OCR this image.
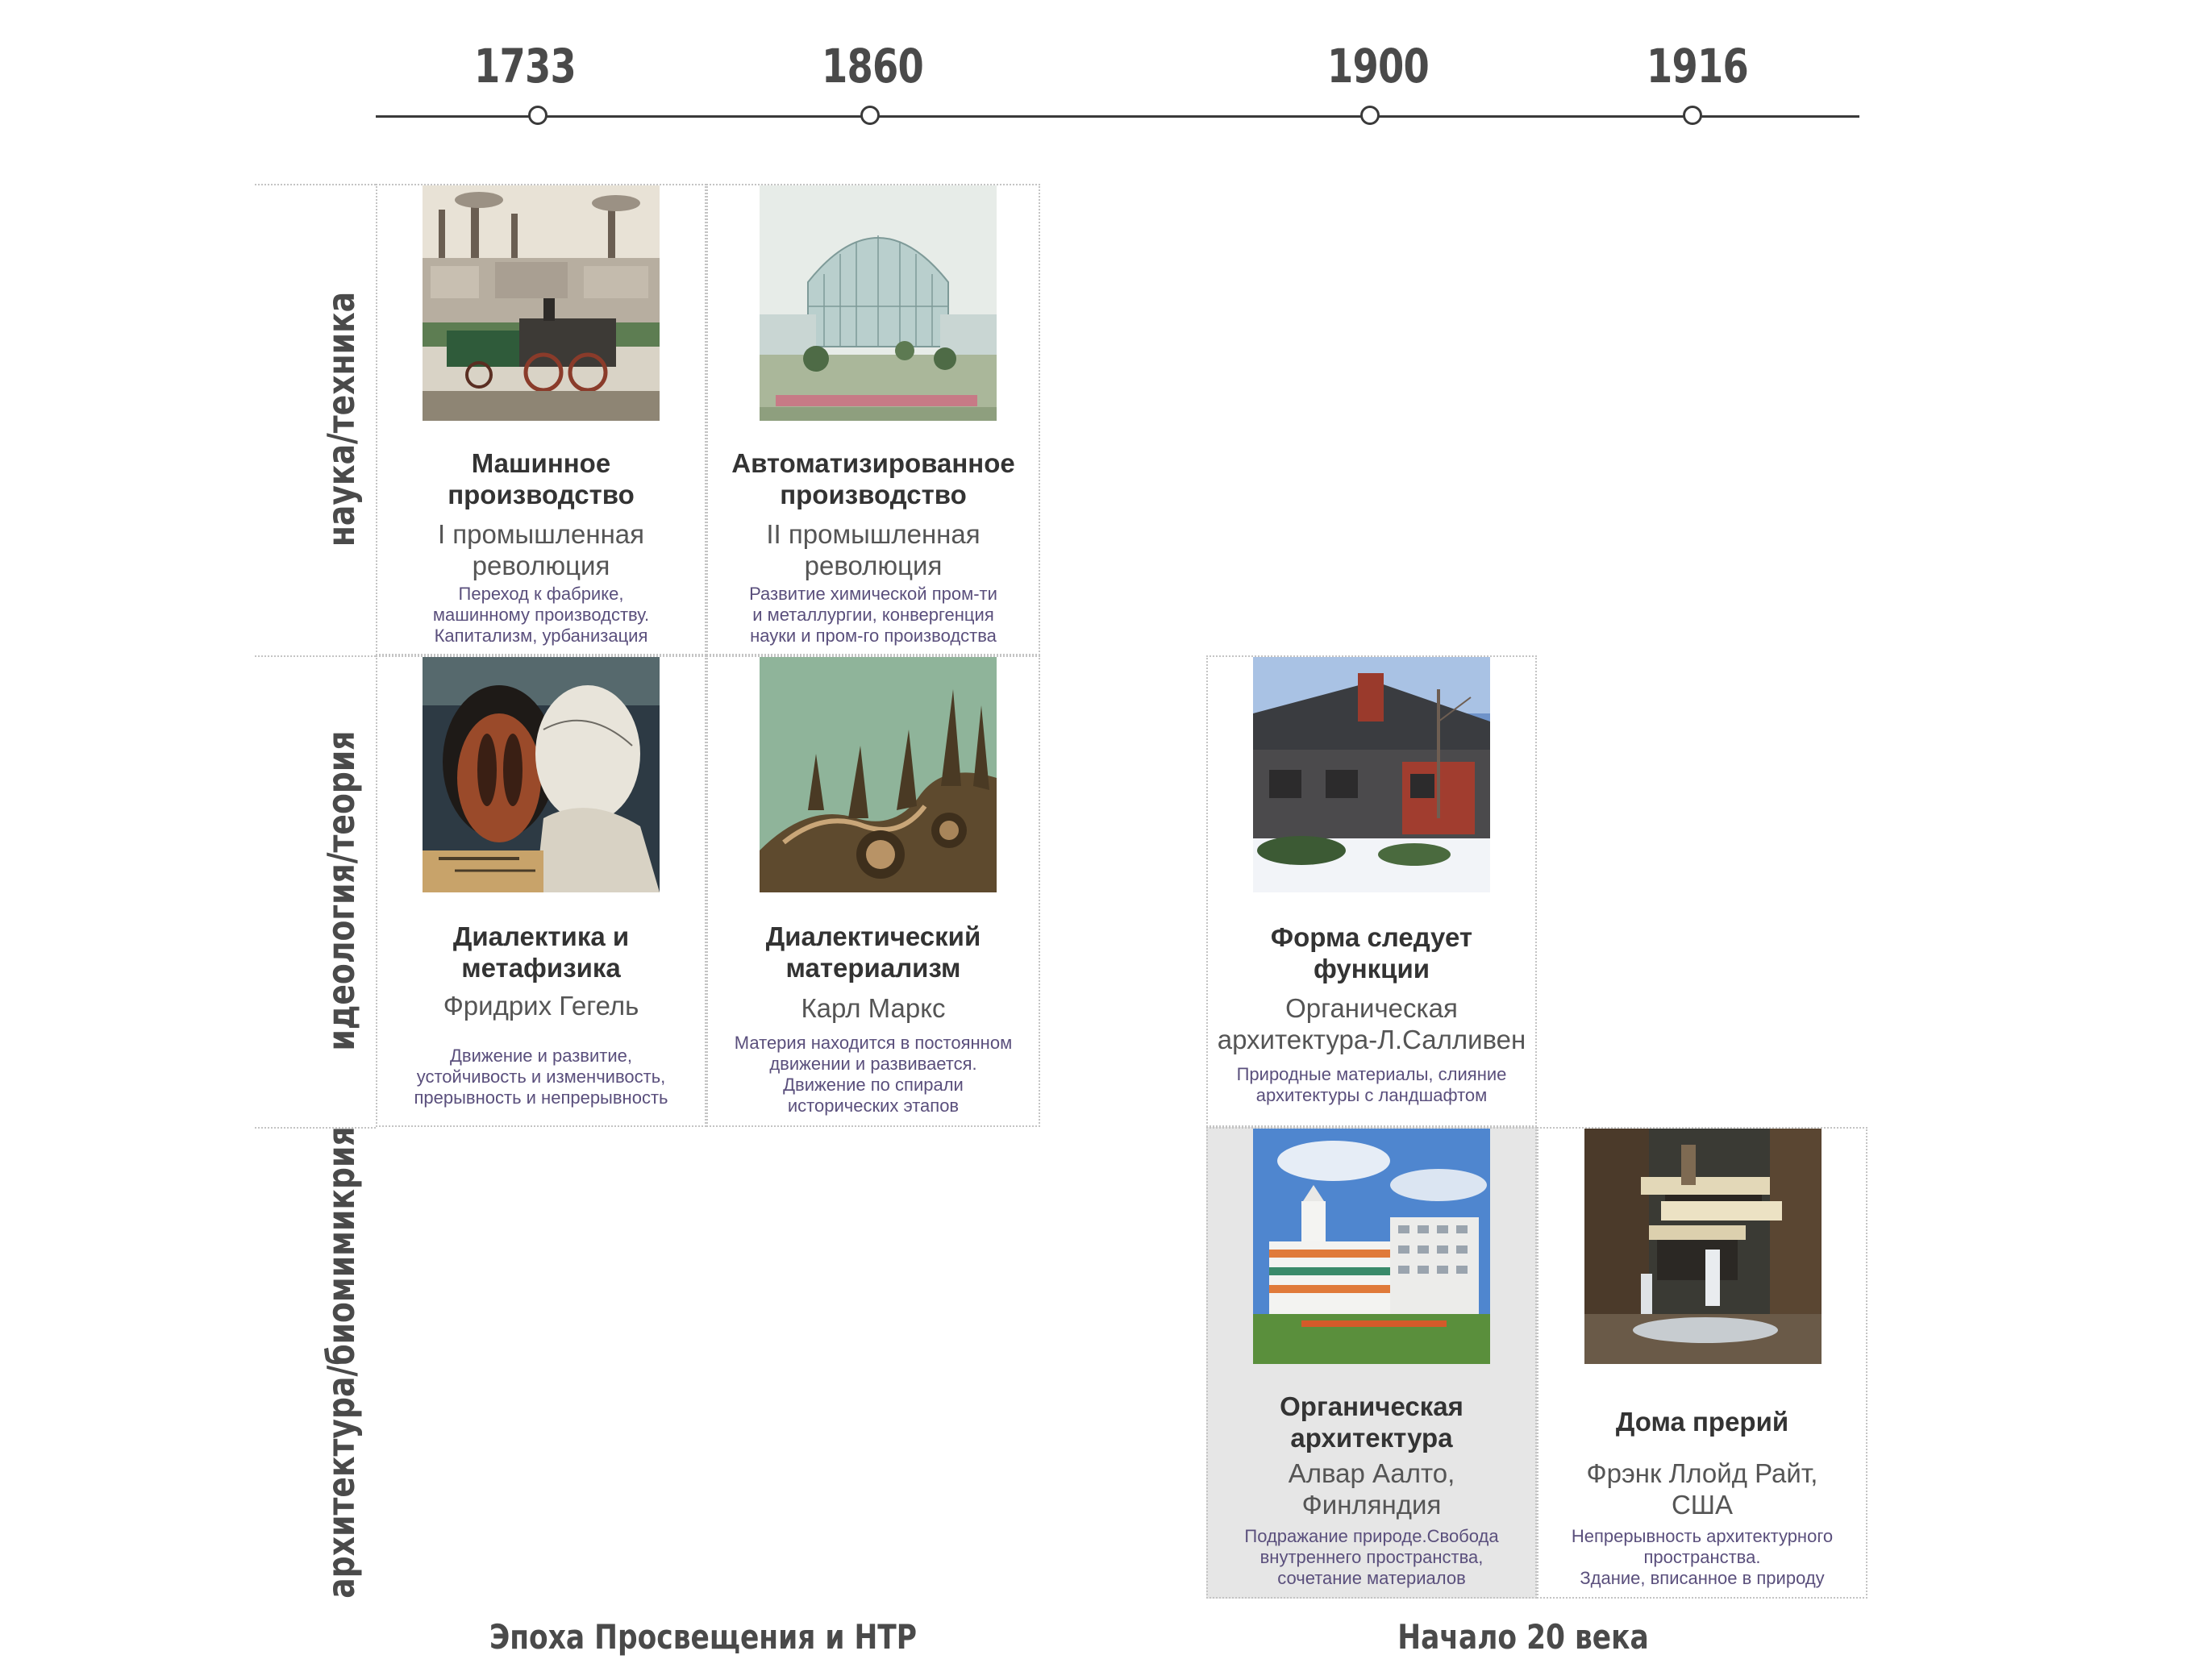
1733	1860	1900	1916
наука/техника
идеология/теория
архитектура/биомимикрия
Машинное
производство
I промышленная
революция
Переход к фабрике,
машинному производству.
Капитализм, урбанизация
Автоматизированное
производство
II промышленная
революция
Развитие химической пром-ти
и металлургии, конвергенция
науки и пром-го производства
Диалектика и
метафизика
Фридрих Гегель
Движение и развитие,
устойчивость и изменчивость,
прерывность и непрерывность
Диалектический
материализм
Карл Маркс
Материя находится в постоянном
движении и развивается.
Движение по спирали
исторических этапов
Форма следует
функции
Органическая
архитектура-Л.Салливен
Природные материалы, слияние
архитектуры с ландшафтом
Органическая
архитектура
Алвар Аалто,
Финляндия
Подражание природе.Свобода
внутреннего пространства,
сочетание материалов
Дома прерий
Фрэнк Ллойд Райт,
США
Непрерывность архитектурного
пространства.
Здание, вписанное в природу
Эпоха Просвещения и НТР	Начало 20 века
